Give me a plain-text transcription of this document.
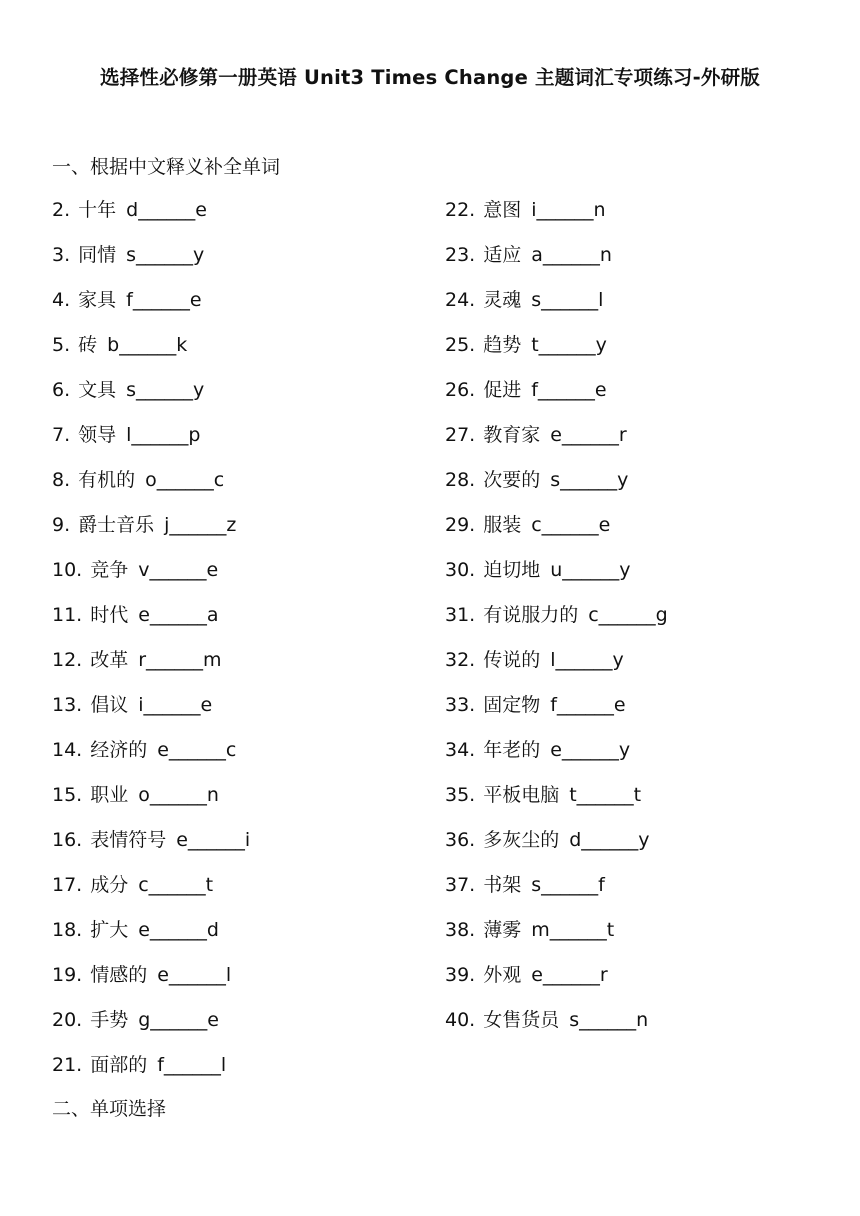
选择性必修第一册英语 Unit3 Times Change 主题词汇专项练习-外研版
一、根据中文释义补全单词
2. 十年 d______e
3. 同情 s______y
4. 家具 f______e
5. 砖 b______k
6. 文具 s______y
7. 领导 l______p
8. 有机的 o______c
9. 爵士音乐 j______z
10. 竞争 v______e
11. 时代 e______a
12. 改革 r______m
13. 倡议 i______e
14. 经济的 e______c
15. 职业 o______n
16. 表情符号 e______i
17. 成分 c______t
18. 扩大 e______d
19. 情感的 e______l
20. 手势 g______e
21. 面部的 f______l
22. 意图 i______n
23. 适应 a______n
24. 灵魂 s______l
25. 趋势 t______y
26. 促进 f______e
27. 教育家 e______r
28. 次要的 s______y
29. 服装 c______e
30. 迫切地 u______y
31. 有说服力的 c______g
32. 传说的 l______y
33. 固定物 f______e
34. 年老的 e______y
35. 平板电脑 t______t
36. 多灰尘的 d______y
37. 书架 s______f
38. 薄雾 m______t
39. 外观 e______r
40. 女售货员 s______n
二、单项选择
